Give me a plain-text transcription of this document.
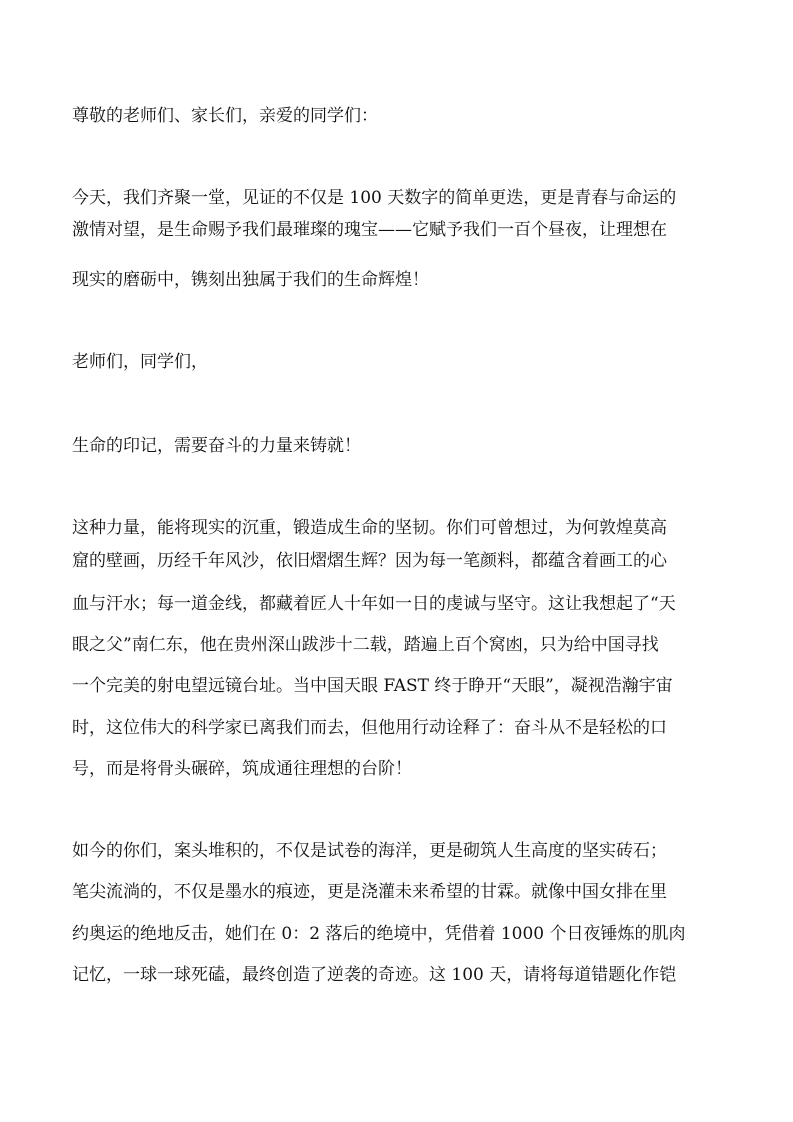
尊敬的老师们、家长们，亲爱的同学们：

今天，我们齐聚一堂，见证的不仅是 100 天数字的简单更迭，更是青春与命运的

激情对望，是生命赐予我们最璀璨的瑰宝——它赋予我们一百个昼夜，让理想在

现实的磨砺中，镌刻出独属于我们的生命辉煌！

老师们，同学们，

生命的印记，需要奋斗的力量来铸就！

这种力量，能将现实的沉重，锻造成生命的坚韧。你们可曾想过，为何敦煌莫高

窟的壁画，历经千年风沙，依旧熠熠生辉？因为每一笔颜料，都蕴含着画工的心

血与汗水；每一道金线，都藏着匠人十年如一日的虔诚与坚守。这让我想起了“天

眼之父”南仁东，他在贵州深山跋涉十二载，踏遍上百个窝凼，只为给中国寻找

一个完美的射电望远镜台址。当中国天眼 FAST 终于睁开“天眼”，凝视浩瀚宇宙

时，这位伟大的科学家已离我们而去，但他用行动诠释了：奋斗从不是轻松的口

号，而是将骨头碾碎，筑成通往理想的台阶！

如今的你们，案头堆积的，不仅是试卷的海洋，更是砌筑人生高度的坚实砖石；

笔尖流淌的，不仅是墨水的痕迹，更是浇灌未来希望的甘霖。就像中国女排在里

约奥运的绝地反击，她们在 0：2 落后的绝境中，凭借着 1000 个日夜锤炼的肌肉

记忆，一球一球死磕，最终创造了逆袭的奇迹。这 100 天，请将每道错题化作铠
